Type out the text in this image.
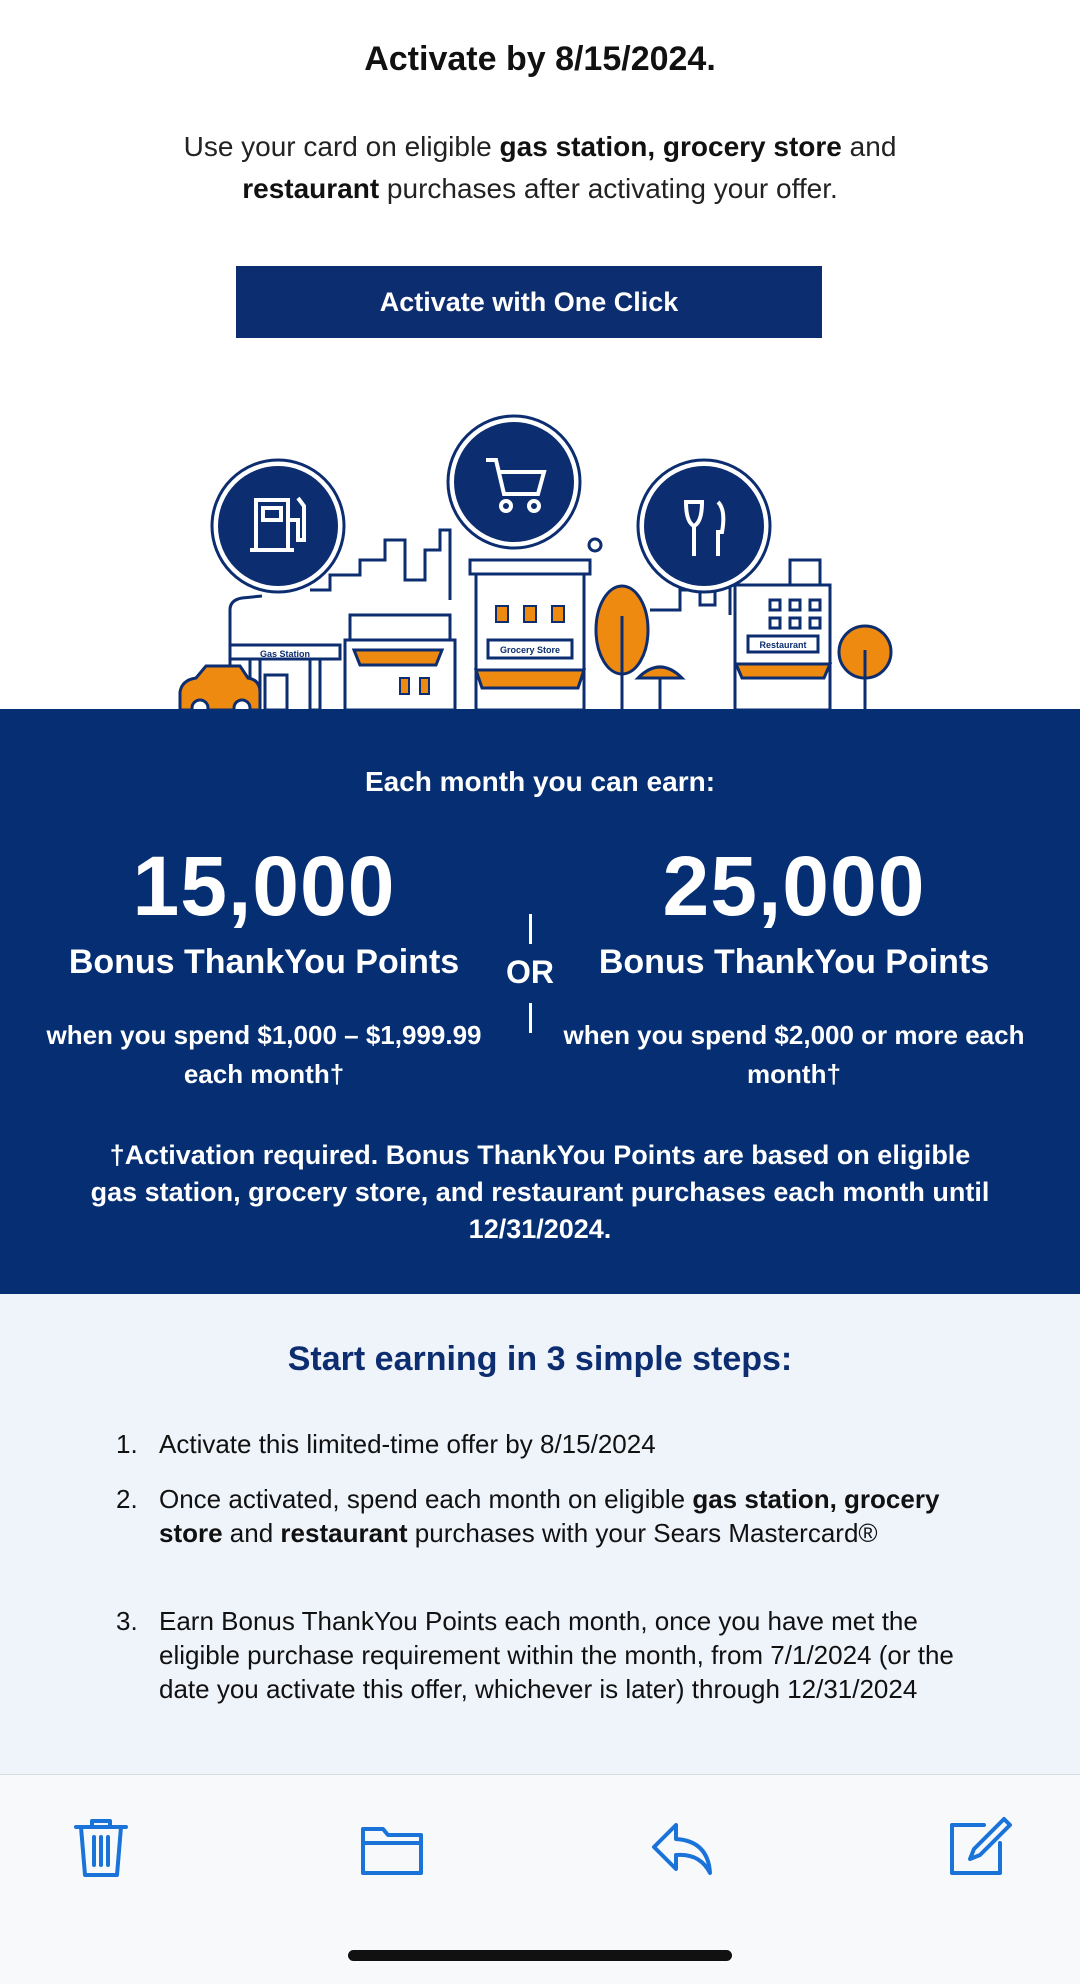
Activate by 8/15/2024.
Use your card on eligible gas station, grocery store and restaurant purchases after activating your offer.
Activate with One Click
Gas Station	Grocery Store	Restaurant
Each month you can earn:
15,000
Bonus ThankYou Points
when you spend $1,000 – $1,999.99 each month†
OR
25,000
Bonus ThankYou Points
when you spend $2,000 or more each month†
†Activation required. Bonus ThankYou Points are based on eligible gas station, grocery store, and restaurant purchases each month until 12/31/2024.
Start earning in 3 simple steps:
1. Activate this limited-time offer by 8/15/2024
2. Once activated, spend each month on eligible gas station, grocery store and restaurant purchases with your Sears Mastercard®
3. Earn Bonus ThankYou Points each month, once you have met the eligible purchase requirement within the month, from 7/1/2024 (or the date you activate this offer, whichever is later) through 12/31/2024
